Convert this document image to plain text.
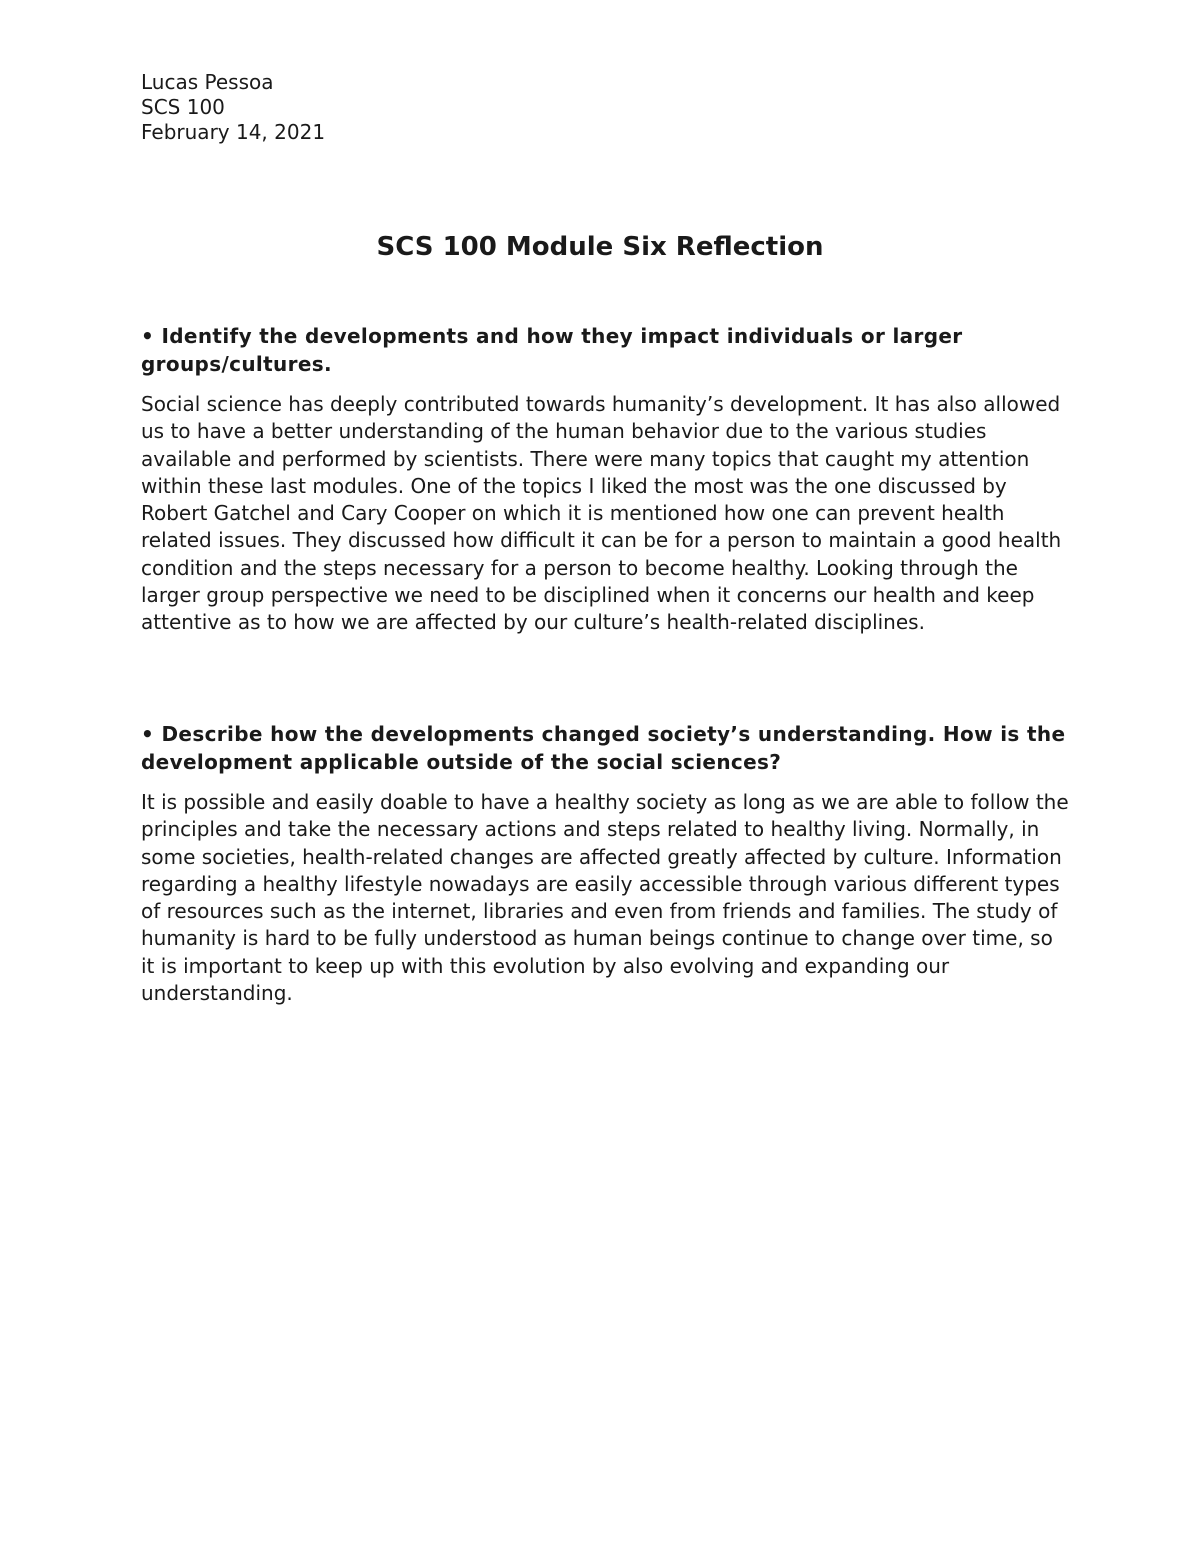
Lucas Pessoa
SCS 100
February 14, 2021
SCS 100 Module Six Reflection

• Identify the developments and how they impact individuals or larger groups/cultures.

Social science has deeply contributed towards humanity’s development. It has also allowed us to have a better understanding of the human behavior due to the various studies available and performed by scientists. There were many topics that caught my attention within these last modules. One of the topics I liked the most was the one discussed by Robert Gatchel and Cary Cooper on which it is mentioned how one can prevent health related issues. They discussed how difficult it can be for a person to maintain a good health condition and the steps necessary for a person to become healthy. Looking through the larger group perspective we need to be disciplined when it concerns our health and keep attentive as to how we are affected by our culture’s health-related disciplines.

• Describe how the developments changed society’s understanding. How is the development applicable outside of the social sciences?

It is possible and easily doable to have a healthy society as long as we are able to follow the principles and take the necessary actions and steps related to healthy living. Normally, in some societies, health-related changes are affected greatly affected by culture. Information regarding a healthy lifestyle nowadays are easily accessible through various different types of resources such as the internet, libraries and even from friends and families. The study of humanity is hard to be fully understood as human beings continue to change over time, so it is important to keep up with this evolution by also evolving and expanding our understanding.
